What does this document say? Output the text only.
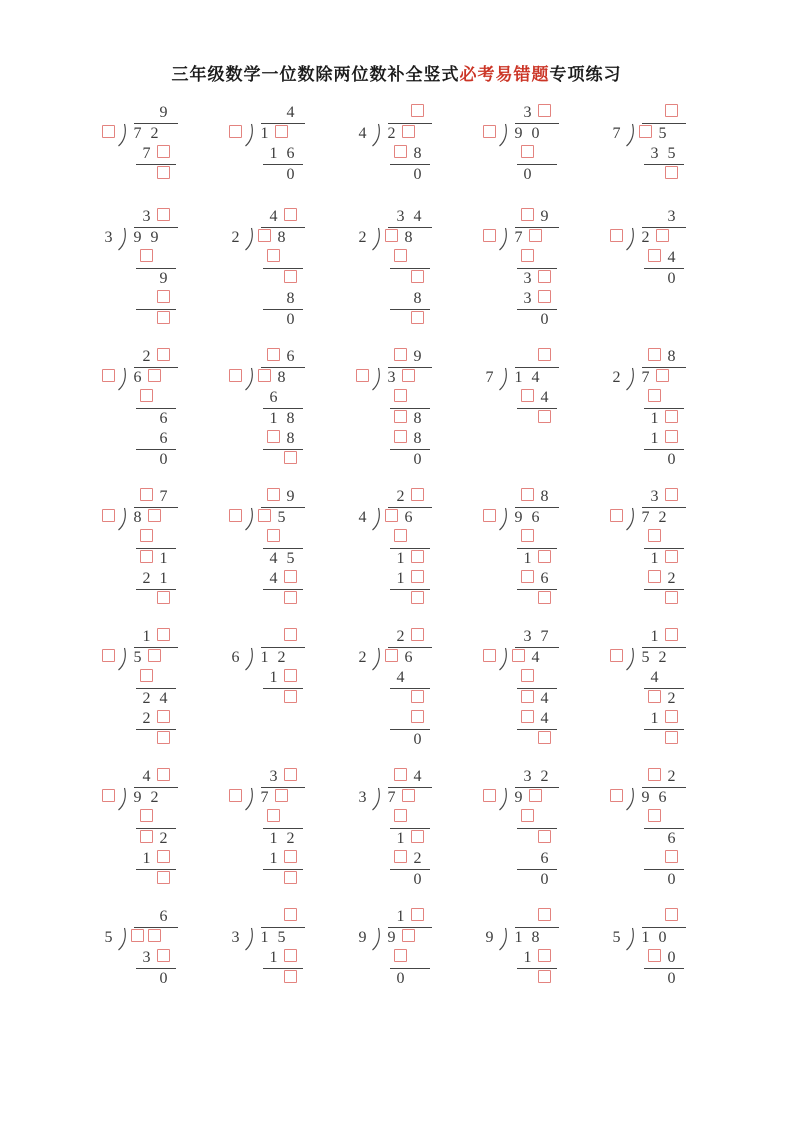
三年级数学一位数除两位数补全竖式必考易错题专项练习
9
7 2
7
4
1
1 6
0
4 2
8
0
3
9 0
0
7 5
3 5
3
3 9 9
9
4
2 8
8
0
3 4
2 8
8
9
7
3
3
0
3
2
4
0
2
6
6
6
0
6
8
6
1 8
8
9
3
8
8
0
7 1 4
4
8
2 7
1
1
0
7
8
1
2 1
9
5
4 5
4
2
4 6
1
1
8
9 6
1
6
3
7 2
1
2
1
5
2 4
2
6 1 2
1
2
2 6
4
0
3 7
4
4
4
1
5 2
4
2
1
4
9 2
2
1
3
7
1 2
1
4
3 7
1
2
0
3 2
9
6
0
2
9 6
6
0
6
5
3
0
3 1 5
1
1
9 9
0
9 1 8
1
5 1 0
0
0
